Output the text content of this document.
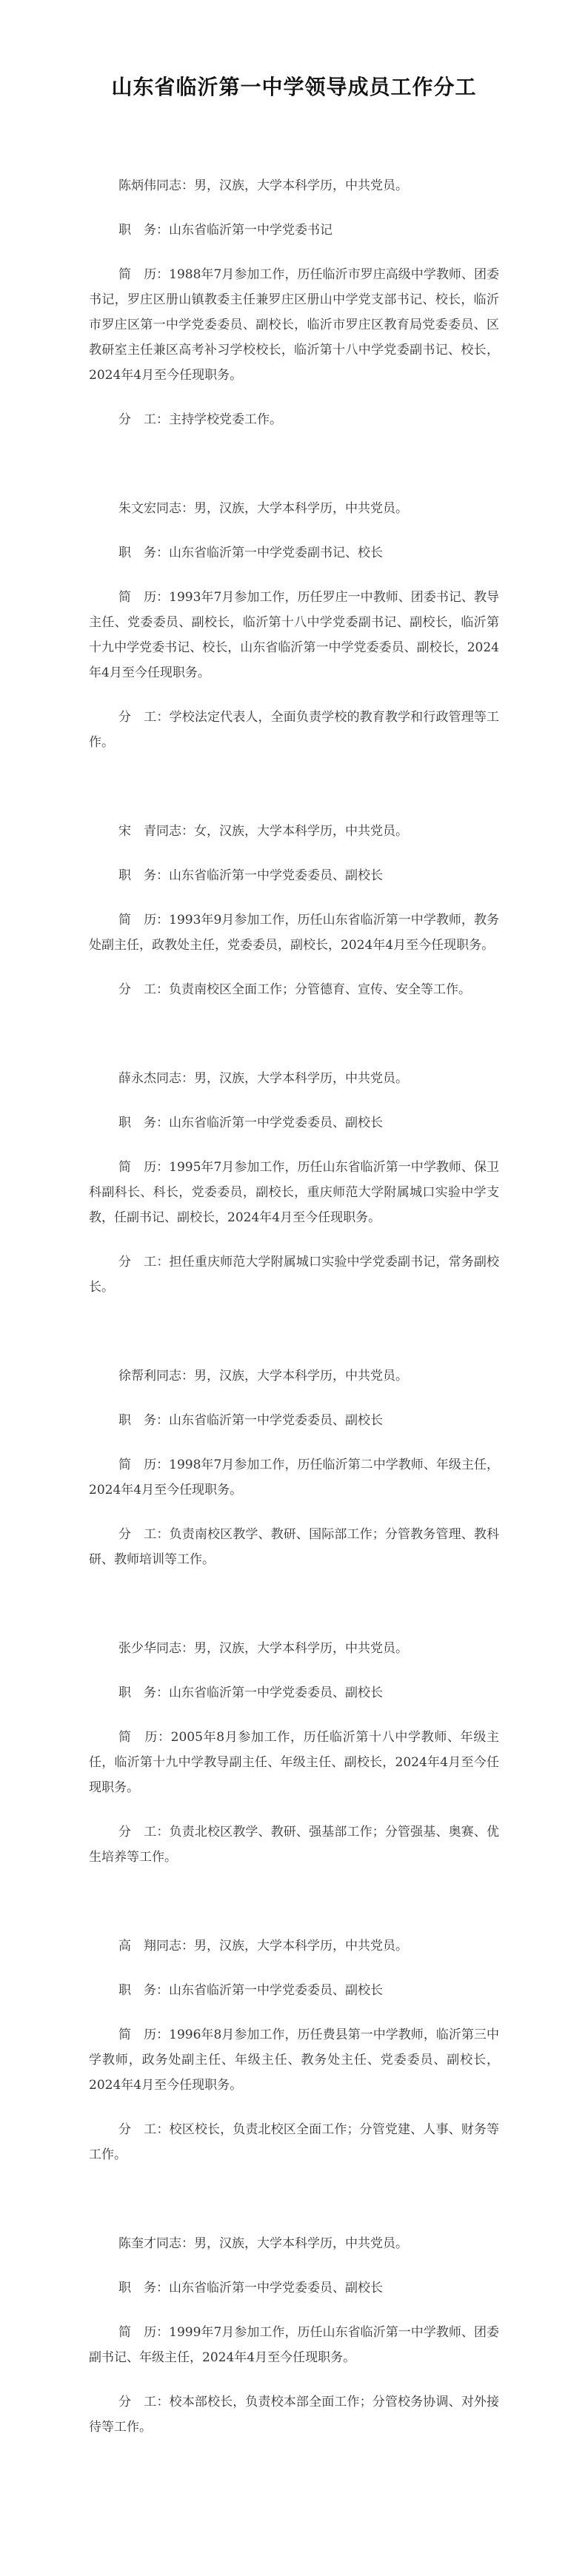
山东省临沂第一中学领导成员工作分工

陈炳伟同志：男，汉族，大学本科学历，中共党员。

职　务：山东省临沂第一中学党委书记

简　历：1988年7月参加工作，历任临沂市罗庄高级中学教师、团委书记，罗庄区册山镇教委主任兼罗庄区册山中学党支部书记、校长，临沂市罗庄区第一中学党委委员、副校长，临沂市罗庄区教育局党委委员、区教研室主任兼区高考补习学校校长，临沂第十八中学党委副书记、校长，2024年4月至今任现职务。

分　工：主持学校党委工作。

朱文宏同志：男，汉族，大学本科学历，中共党员。

职　务：山东省临沂第一中学党委副书记、校长

简　历：1993年7月参加工作，历任罗庄一中教师、团委书记、教导主任、党委委员、副校长，临沂第十八中学党委副书记、副校长，临沂第十九中学党委书记、校长，山东省临沂第一中学党委委员、副校长，2024年4月至今任现职务。

分　工：学校法定代表人，全面负责学校的教育教学和行政管理等工作。

宋　青同志：女，汉族，大学本科学历，中共党员。

职　务：山东省临沂第一中学党委委员、副校长

简　历：1993年9月参加工作，历任山东省临沂第一中学教师，教务处副主任，政教处主任，党委委员，副校长，2024年4月至今任现职务。

分　工：负责南校区全面工作；分管德育、宣传、安全等工作。

薛永杰同志：男，汉族，大学本科学历，中共党员。

职　务：山东省临沂第一中学党委委员、副校长

简　历：1995年7月参加工作，历任山东省临沂第一中学教师、保卫科副科长、科长，党委委员，副校长，重庆师范大学附属城口实验中学支教，任副书记、副校长，2024年4月至今任现职务。

分　工：担任重庆师范大学附属城口实验中学党委副书记，常务副校长。

徐帮利同志：男，汉族，大学本科学历，中共党员。

职　务：山东省临沂第一中学党委委员、副校长

简　历：1998年7月参加工作，历任临沂第二中学教师、年级主任，2024年4月至今任现职务。

分　工：负责南校区教学、教研、国际部工作；分管教务管理、教科研、教师培训等工作。

张少华同志：男，汉族，大学本科学历，中共党员。

职　务：山东省临沂第一中学党委委员、副校长

简　历：2005年8月参加工作，历任临沂第十八中学教师、年级主任，临沂第十九中学教导副主任、年级主任、副校长，2024年4月至今任现职务。

分　工：负责北校区教学、教研、强基部工作；分管强基、奥赛、优生培养等工作。

高　翔同志：男，汉族，大学本科学历，中共党员。

职　务：山东省临沂第一中学党委委员、副校长

简　历：1996年8月参加工作，历任费县第一中学教师，临沂第三中学教师，政务处副主任、年级主任、教务处主任、党委委员、副校长，2024年4月至今任现职务。

分　工：校区校长，负责北校区全面工作；分管党建、人事、财务等工作。

陈奎才同志：男，汉族，大学本科学历，中共党员。

职　务：山东省临沂第一中学党委委员、副校长

简　历：1999年7月参加工作，历任山东省临沂第一中学教师、团委副书记、年级主任，2024年4月至今任现职务。

分　工：校本部校长，负责校本部全面工作；分管校务协调、对外接待等工作。
